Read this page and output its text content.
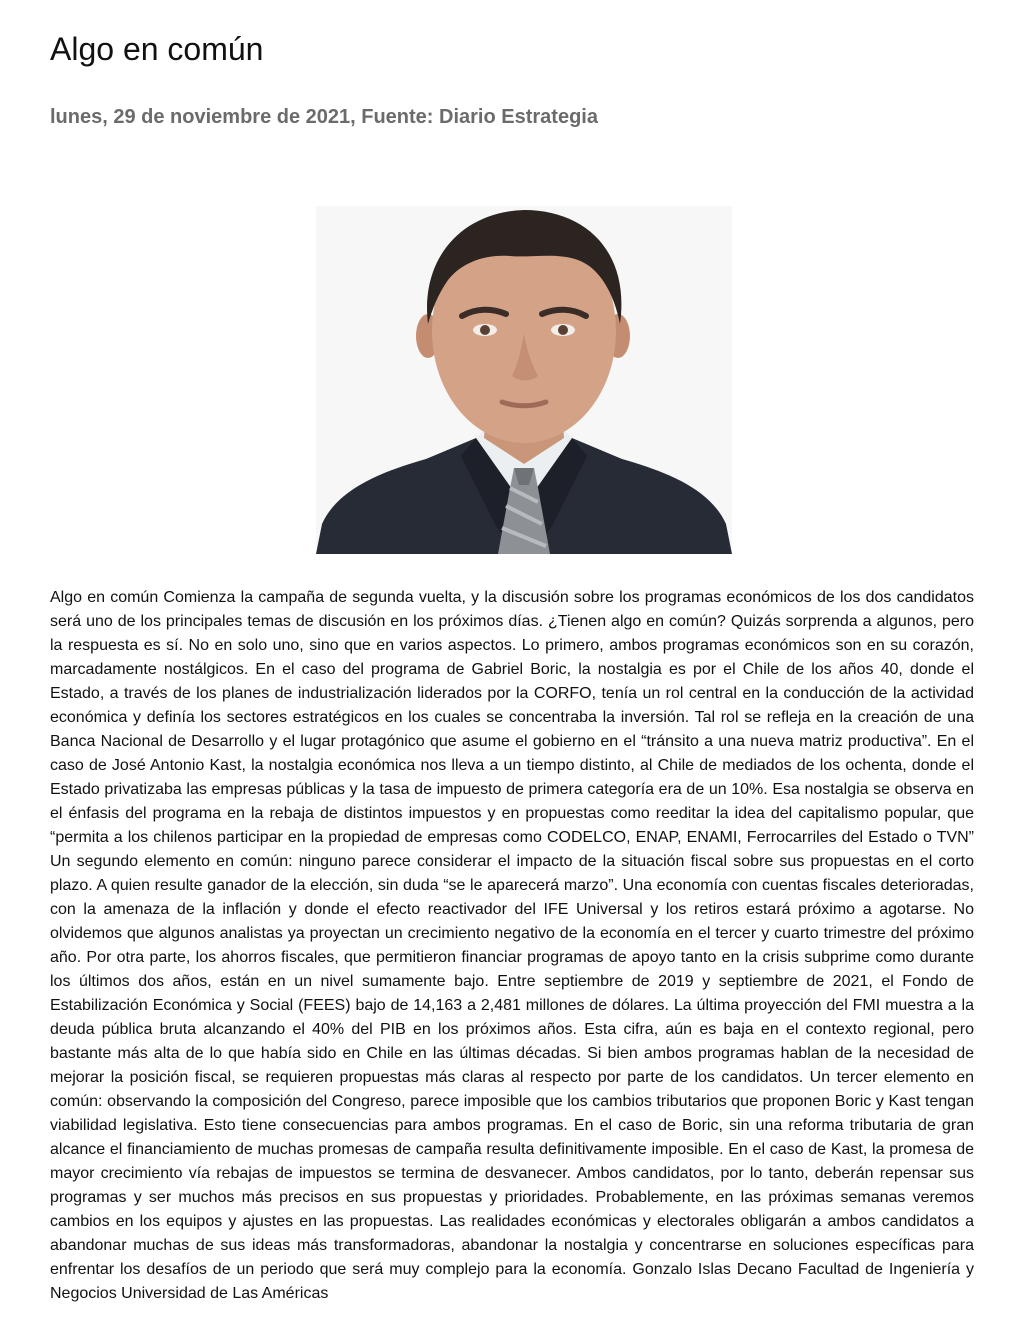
Algo en común
lunes, 29 de noviembre de 2021, Fuente: Diario Estrategia

Algo en común Comienza la campaña de segunda vuelta, y la discusión sobre los programas económicos de los dos candidatos será uno de los principales temas de discusión en los próximos días. ¿Tienen algo en común? Quizás sorprenda a algunos, pero la respuesta es sí. No en solo uno, sino que en varios aspectos. Lo primero, ambos programas económicos son en su corazón, marcadamente nostálgicos. En el caso del programa de Gabriel Boric, la nostalgia es por el Chile de los años 40, donde el Estado, a través de los planes de industrialización liderados por la CORFO, tenía un rol central en la conducción de la actividad económica y definía los sectores estratégicos en los cuales se concentraba la inversión. Tal rol se refleja en la creación de una Banca Nacional de Desarrollo y el lugar protagónico que asume el gobierno en el “tránsito a una nueva matriz productiva”. En el caso de José Antonio Kast, la nostalgia económica nos lleva a un tiempo distinto, al Chile de mediados de los ochenta, donde el Estado privatizaba las empresas públicas y la tasa de impuesto de primera categoría era de un 10%. Esa nostalgia se observa en el énfasis del programa en la rebaja de distintos impuestos y en propuestas como reeditar la idea del capitalismo popular, que “permita a los chilenos participar en la propiedad de empresas como CODELCO, ENAP, ENAMI, Ferrocarriles del Estado o TVN” Un segundo elemento en común: ninguno parece considerar el impacto de la situación fiscal sobre sus propuestas en el corto plazo. A quien resulte ganador de la elección, sin duda “se le aparecerá marzo”. Una economía con cuentas fiscales deterioradas, con la amenaza de la inflación y donde el efecto reactivador del IFE Universal y los retiros estará próximo a agotarse. No olvidemos que algunos analistas ya proyectan un crecimiento negativo de la economía en el tercer y cuarto trimestre del próximo año. Por otra parte, los ahorros fiscales, que permitieron financiar programas de apoyo tanto en la crisis subprime como durante los últimos dos años, están en un nivel sumamente bajo. Entre septiembre de 2019 y septiembre de 2021, el Fondo de Estabilización Económica y Social (FEES) bajo de 14,163 a 2,481 millones de dólares. La última proyección del FMI muestra a la deuda pública bruta alcanzando el 40% del PIB en los próximos años. Esta cifra, aún es baja en el contexto regional, pero bastante más alta de lo que había sido en Chile en las últimas décadas. Si bien ambos programas hablan de la necesidad de mejorar la posición fiscal, se requieren propuestas más claras al respecto por parte de los candidatos. Un tercer elemento en común: observando la composición del Congreso, parece imposible que los cambios tributarios que proponen Boric y Kast tengan viabilidad legislativa. Esto tiene consecuencias para ambos programas. En el caso de Boric, sin una reforma tributaria de gran alcance el financiamiento de muchas promesas de campaña resulta definitivamente imposible. En el caso de Kast, la promesa de mayor crecimiento vía rebajas de impuestos se termina de desvanecer. Ambos candidatos, por lo tanto, deberán repensar sus programas y ser muchos más precisos en sus propuestas y prioridades. Probablemente, en las próximas semanas veremos cambios en los equipos y ajustes en las propuestas. Las realidades económicas y electorales obligarán a ambos candidatos a abandonar muchas de sus ideas más transformadoras, abandonar la nostalgia y concentrarse en soluciones específicas para enfrentar los desafíos de un periodo que será muy complejo para la economía. Gonzalo Islas Decano Facultad de Ingeniería y Negocios Universidad de Las Américas
